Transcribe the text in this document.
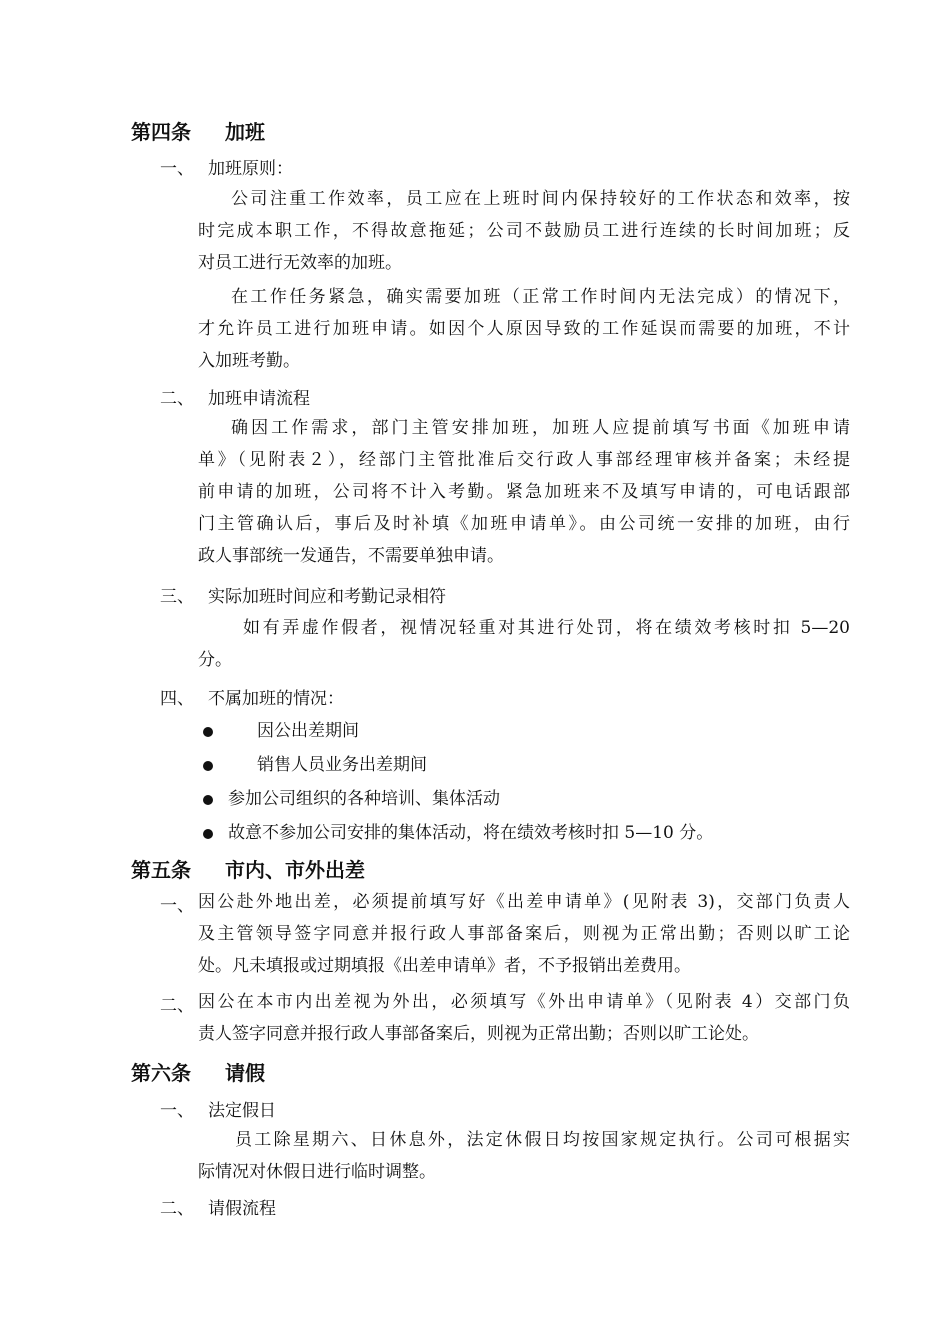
第四条 加班
一、 加班原则：
公司注重工作效率，员工应在上班时间内保持较好的工作状态和效率，按
时完成本职工作，不得故意拖延；公司不鼓励员工进行连续的长时间加班；反
对员工进行无效率的加班。
在工作任务紧急，确实需要加班（正常工作时间内无法完成）的情况下，
才允许员工进行加班申请。如因个人原因导致的工作延误而需要的加班，不计
入加班考勤。
二、 加班申请流程
确因工作需求，部门主管安排加班，加班人应提前填写书面《加班申请
单》（见附表２），经部门主管批准后交行政人事部经理审核并备案；未经提
前申请的加班，公司将不计入考勤。紧急加班来不及填写申请的，可电话跟部
门主管确认后，事后及时补填《加班申请单》。由公司统一安排的加班，由行
政人事部统一发通告，不需要单独申请。
三、 实际加班时间应和考勤记录相符
如有弄虚作假者，视情况轻重对其进行处罚，将在绩效考核时扣 5—20
分。
四、 不属加班的情况：
因公出差期间
销售人员业务出差期间
参加公司组织的各种培训、集体活动
故意不参加公司安排的集体活动，将在绩效考核时扣 5—10 分。
第五条 市内、市外出差
一、 因公赴外地出差，必须提前填写好《出差申请单》(见附表 3)，交部门负责人
及主管领导签字同意并报行政人事部备案后，则视为正常出勤；否则以旷工论
处。凡未填报或过期填报《出差申请单》者，不予报销出差费用。
二、 因公在本市内出差视为外出，必须填写《外出申请单》（见附表 4）交部门负
责人签字同意并报行政人事部备案后，则视为正常出勤；否则以旷工论处。
第六条 请假
一、 法定假日
员工除星期六、日休息外，法定休假日均按国家规定执行。公司可根据实
际情况对休假日进行临时调整。
二、 请假流程
